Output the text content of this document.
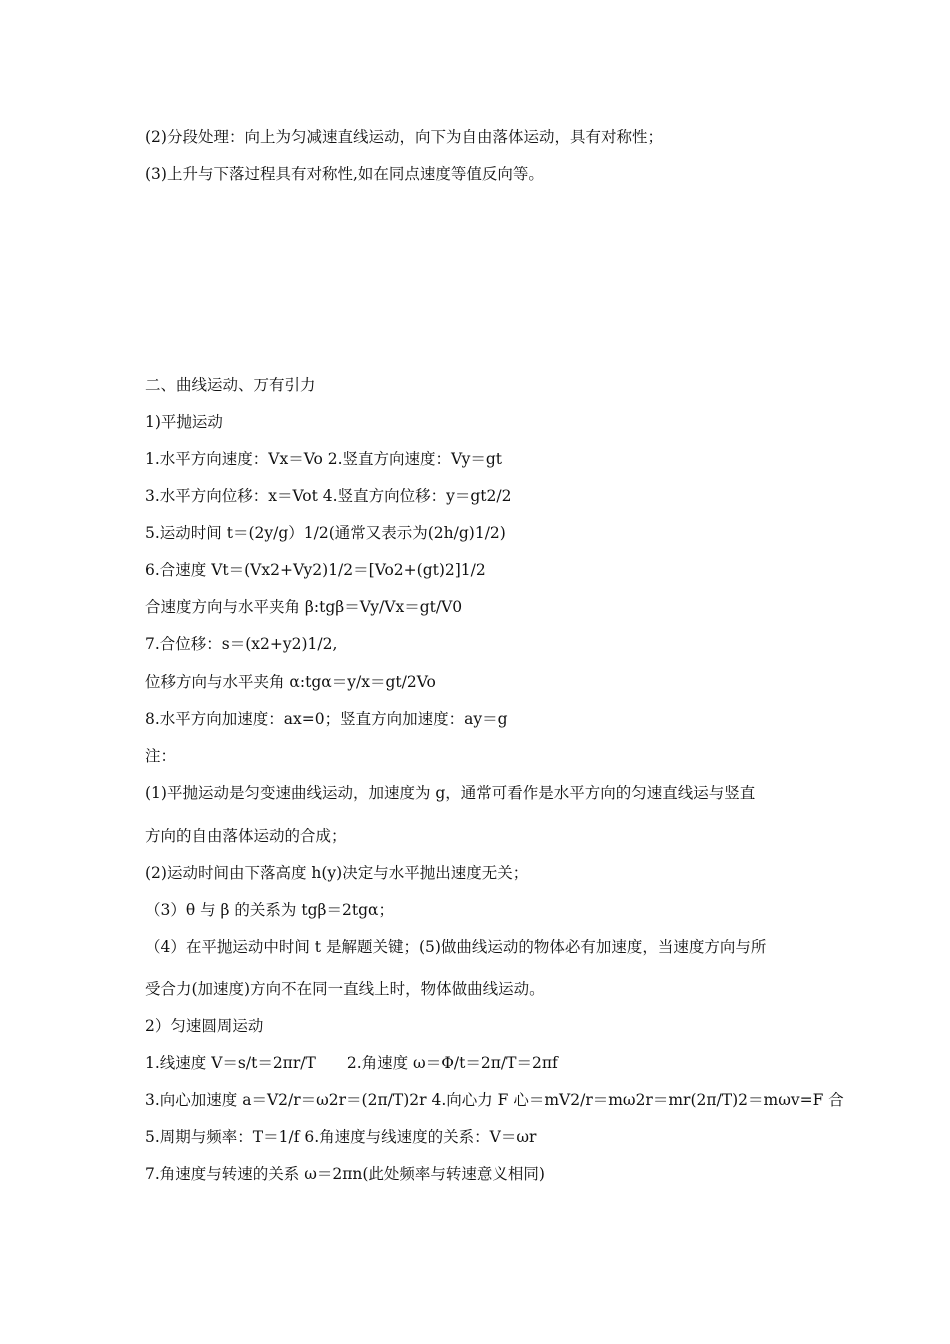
(2)分段处理：向上为匀减速直线运动，向下为自由落体运动，具有对称性；
(3)上升与下落过程具有对称性,如在同点速度等值反向等。
二、曲线运动、万有引力
1)平抛运动
1.水平方向速度：Vx＝Vo 2.竖直方向速度：Vy＝gt
3.水平方向位移：x＝Vot 4.竖直方向位移：y＝gt2/2
5.运动时间 t＝(2y/g）1/2(通常又表示为(2h/g)1/2)
6.合速度 Vt＝(Vx2+Vy2)1/2＝[Vo2+(gt)2]1/2
合速度方向与水平夹角 β:tgβ＝Vy/Vx＝gt/V0
7.合位移：s＝(x2+y2)1/2,
位移方向与水平夹角 α:tgα＝y/x＝gt/2Vo
8.水平方向加速度：ax=0；竖直方向加速度：ay＝g
注：
(1)平抛运动是匀变速曲线运动，加速度为 g，通常可看作是水平方向的匀速直线运与竖直
方向的自由落体运动的合成；
(2)运动时间由下落高度 h(y)决定与水平抛出速度无关；
（3）θ 与 β 的关系为 tgβ＝2tgα；
（4）在平抛运动中时间 t 是解题关键；(5)做曲线运动的物体必有加速度，当速度方向与所
受合力(加速度)方向不在同一直线上时，物体做曲线运动。
2）匀速圆周运动
1.线速度 V＝s/t＝2πr/T　　2.角速度 ω＝Φ/t＝2π/T＝2πf
3.向心加速度 a＝V2/r＝ω2r＝(2π/T)2r 4.向心力 F 心＝mV2/r＝mω2r＝mr(2π/T)2＝mωv=F 合
5.周期与频率：T＝1/f 6.角速度与线速度的关系：V＝ωr
7.角速度与转速的关系 ω＝2πn(此处频率与转速意义相同)
